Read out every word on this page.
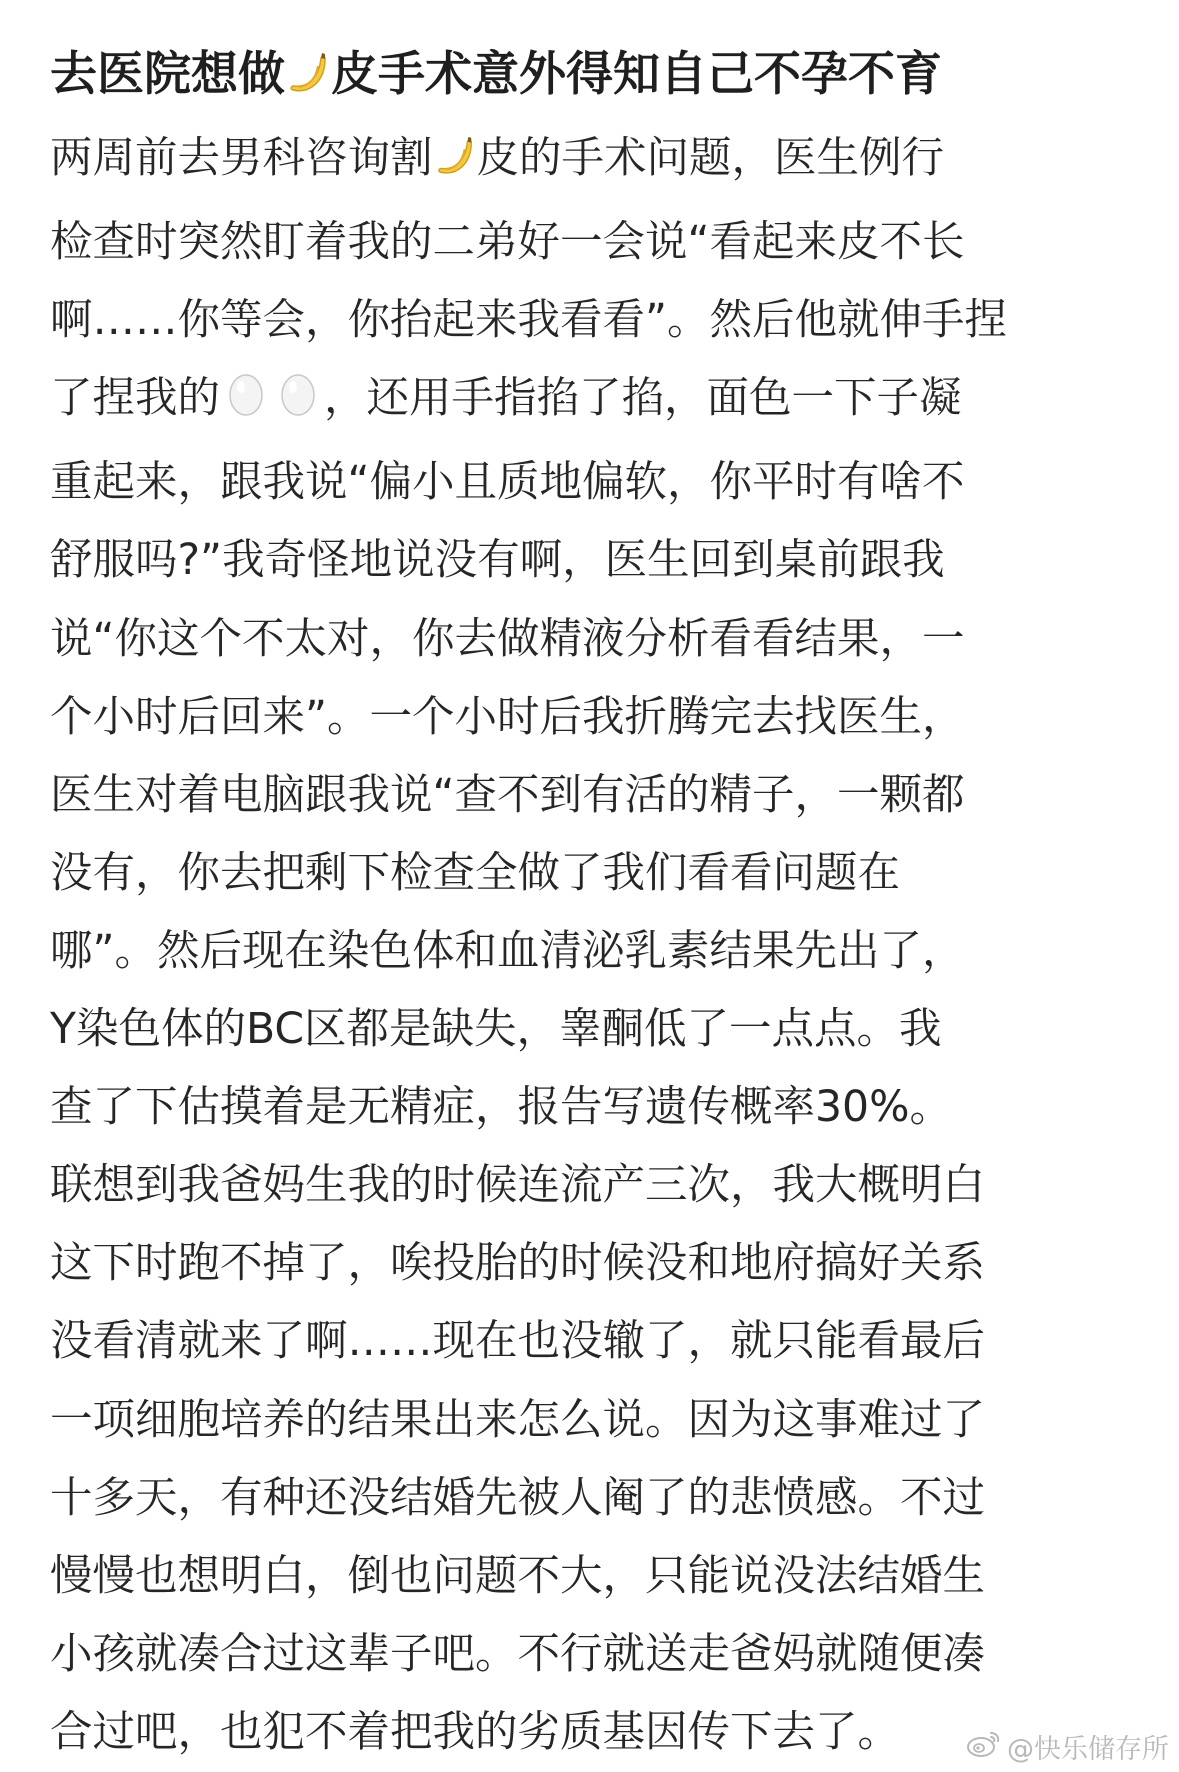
去医院想做 皮手术意外得知自己不孕不育
两周前去男科咨询割 皮的手术问题，医生例行
检查时突然盯着我的二弟好一会说“看起来皮不长
啊……你等会，你抬起来我看看”。然后他就伸手捏
了捏我的 ，还用手指掐了掐，面色一下子凝
重起来，跟我说“偏小且质地偏软，你平时有啥不
舒服吗?”我奇怪地说没有啊，医生回到桌前跟我
说“你这个不太对，你去做精液分析看看结果，一
个小时后回来”。一个小时后我折腾完去找医生，
医生对着电脑跟我说“查不到有活的精子，一颗都
没有，你去把剩下检查全做了我们看看问题在
哪”。然后现在染色体和血清泌乳素结果先出了，
Y染色体的BC区都是缺失，睾酮低了一点点。我
查了下估摸着是无精症，报告写遗传概率30%。
联想到我爸妈生我的时候连流产三次，我大概明白
这下时跑不掉了，唉投胎的时候没和地府搞好关系
没看清就来了啊……现在也没辙了，就只能看最后
一项细胞培养的结果出来怎么说。因为这事难过了
十多天，有种还没结婚先被人阉了的悲愤感。不过
慢慢也想明白，倒也问题不大，只能说没法结婚生
小孩就凑合过这辈子吧。不行就送走爸妈就随便凑
合过吧，也犯不着把我的劣质基因传下去了。	@快乐储存所
